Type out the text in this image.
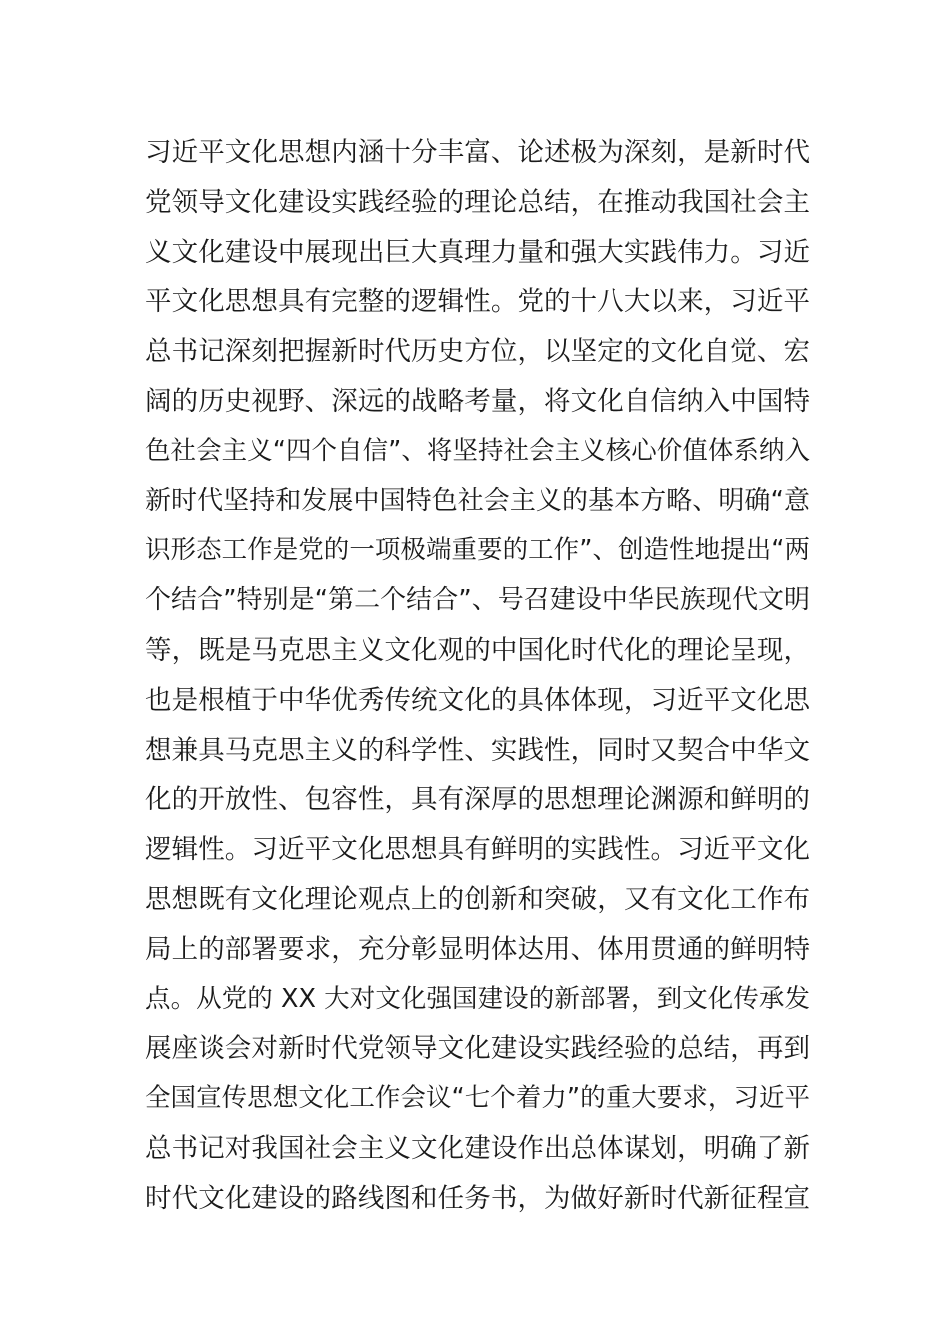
习近平文化思想内涵十分丰富、论述极为深刻，是新时代
党领导文化建设实践经验的理论总结，在推动我国社会主
义文化建设中展现出巨大真理力量和强大实践伟力。习近
平文化思想具有完整的逻辑性。党的十八大以来，习近平
总书记深刻把握新时代历史方位，以坚定的文化自觉、宏
阔的历史视野、深远的战略考量，将文化自信纳入中国特
色社会主义“四个自信”、将坚持社会主义核心价值体系纳入
新时代坚持和发展中国特色社会主义的基本方略、明确“意
识形态工作是党的一项极端重要的工作”、创造性地提出“两
个结合”特别是“第二个结合”、号召建设中华民族现代文明
等，既是马克思主义文化观的中国化时代化的理论呈现，
也是根植于中华优秀传统文化的具体体现，习近平文化思
想兼具马克思主义的科学性、实践性，同时又契合中华文
化的开放性、包容性，具有深厚的思想理论渊源和鲜明的
逻辑性。习近平文化思想具有鲜明的实践性。习近平文化
思想既有文化理论观点上的创新和突破，又有文化工作布
局上的部署要求，充分彰显明体达用、体用贯通的鲜明特
点。从党的 XX 大对文化强国建设的新部署，到文化传承发
展座谈会对新时代党领导文化建设实践经验的总结，再到
全国宣传思想文化工作会议“七个着力”的重大要求，习近平
总书记对我国社会主义文化建设作出总体谋划，明确了新
时代文化建设的路线图和任务书，为做好新时代新征程宣
